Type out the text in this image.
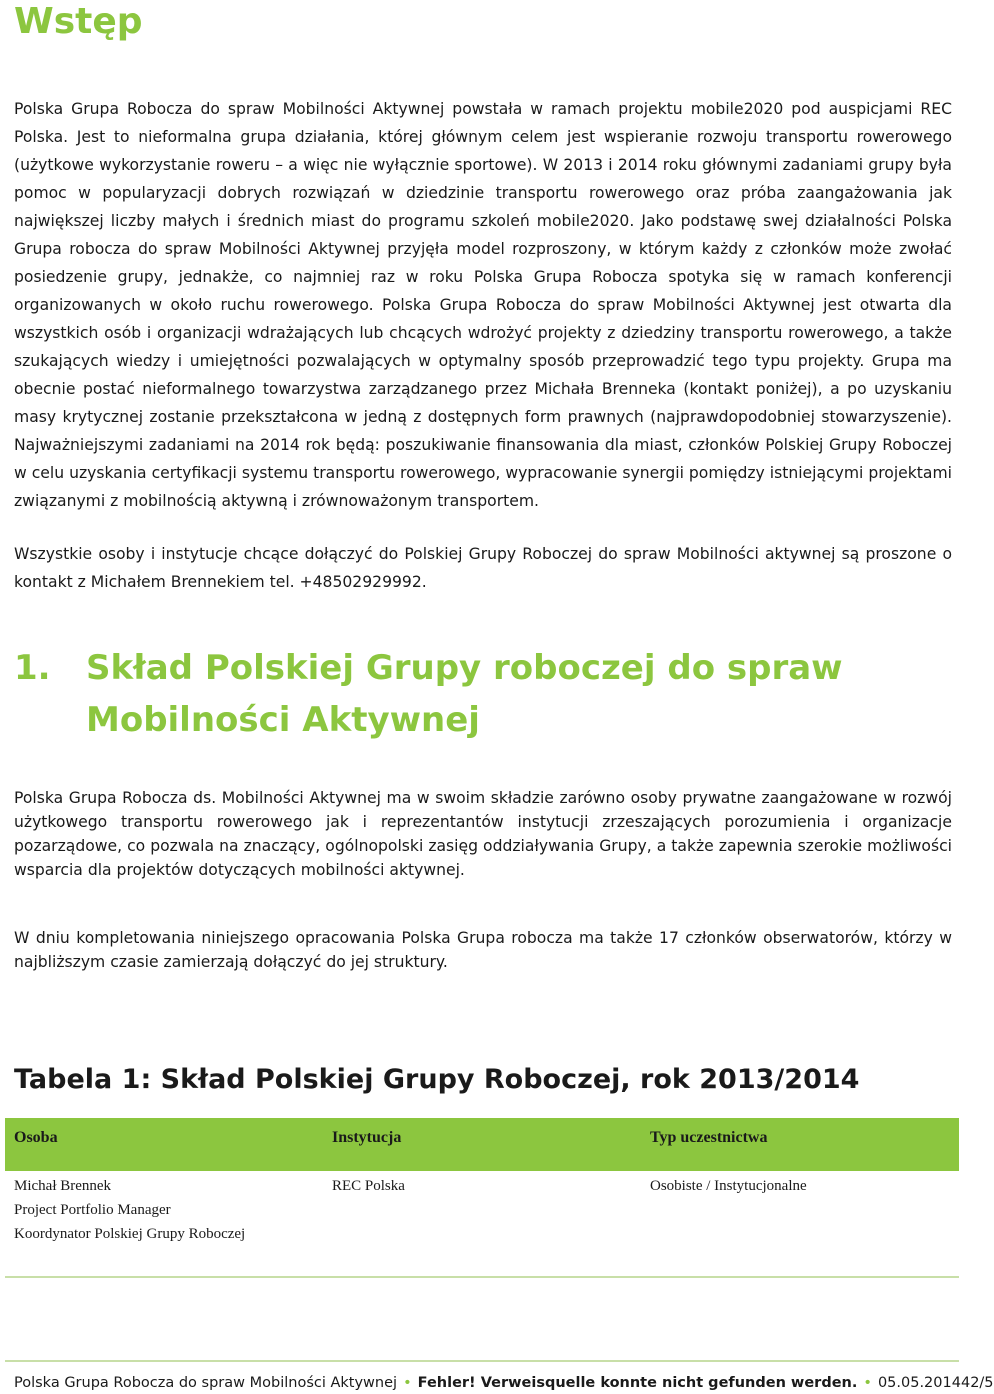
Wstęp

Polska Grupa Robocza do spraw Mobilności Aktywnej powstała w ramach projektu mobile2020 pod auspicjami REC Polska. Jest to nieformalna grupa działania, której głównym celem jest wspieranie rozwoju transportu rowerowego (użytkowe wykorzystanie roweru – a więc nie wyłącznie sportowe). W 2013 i 2014 roku głównymi zadaniami grupy była pomoc w popularyzacji dobrych rozwiązań w dziedzinie transportu rowerowego oraz próba zaangażowania jak największej liczby małych i średnich miast do programu szkoleń mobile2020. Jako podstawę swej działalności Polska Grupa robocza do spraw Mobilności Aktywnej przyjęła model rozproszony, w którym każdy z członków może zwołać posiedzenie grupy, jednakże, co najmniej raz w roku Polska Grupa Robocza spotyka się w ramach konferencji organizowanych w około ruchu rowerowego. Polska Grupa Robocza do spraw Mobilności Aktywnej jest otwarta dla wszystkich osób i organizacji wdrażających lub chcących wdrożyć projekty z dziedziny transportu rowerowego, a także szukających wiedzy i umiejętności pozwalających w optymalny sposób przeprowadzić tego typu projekty. Grupa ma obecnie postać nieformalnego towarzystwa zarządzanego przez Michała Brenneka (kontakt poniżej), a po uzyskaniu masy krytycznej zostanie przekształcona w jedną z dostępnych form prawnych (najprawdopodobniej stowarzyszenie). Najważniejszymi zadaniami na 2014 rok będą: poszukiwanie finansowania dla miast, członków Polskiej Grupy Roboczej w celu uzyskania certyfikacji systemu transportu rowerowego, wypracowanie synergii pomiędzy istniejącymi projektami związanymi z mobilnością aktywną i zrównoważonym transportem.

Wszystkie osoby i instytucje chcące dołączyć do Polskiej Grupy Roboczej do spraw Mobilności aktywnej są proszone o kontakt z Michałem Brennekiem tel. +48502929992.

1. Skład Polskiej Grupy roboczej do spraw
Mobilności Aktywnej

Polska Grupa Robocza ds. Mobilności Aktywnej ma w swoim składzie zarówno osoby prywatne zaangażowane w rozwój użytkowego transportu rowerowego jak i reprezentantów instytucji zrzeszających porozumienia i organizacje pozarządowe, co pozwala na znaczący, ogólnopolski zasięg oddziaływania Grupy, a także zapewnia szerokie możliwości wsparcia dla projektów dotyczących mobilności aktywnej.

W dniu kompletowania niniejszego opracowania Polska Grupa robocza ma także 17 członków obserwatorów, którzy w najbliższym czasie zamierzają dołączyć do jej struktury.

Tabela 1: Skład Polskiej Grupy Roboczej, rok 2013/2014
Osoba	Instytucja	Typ uczestnictwa
Michał Brennek
Project Portfolio Manager
Koordynator Polskiej Grupy Roboczej
REC Polska	Osobiste / Instytucjonalne
Polska Grupa Robocza do spraw Mobilności Aktywnej • Fehler! Verweisquelle konnte nicht gefunden werden. • 05.05.201442/5
